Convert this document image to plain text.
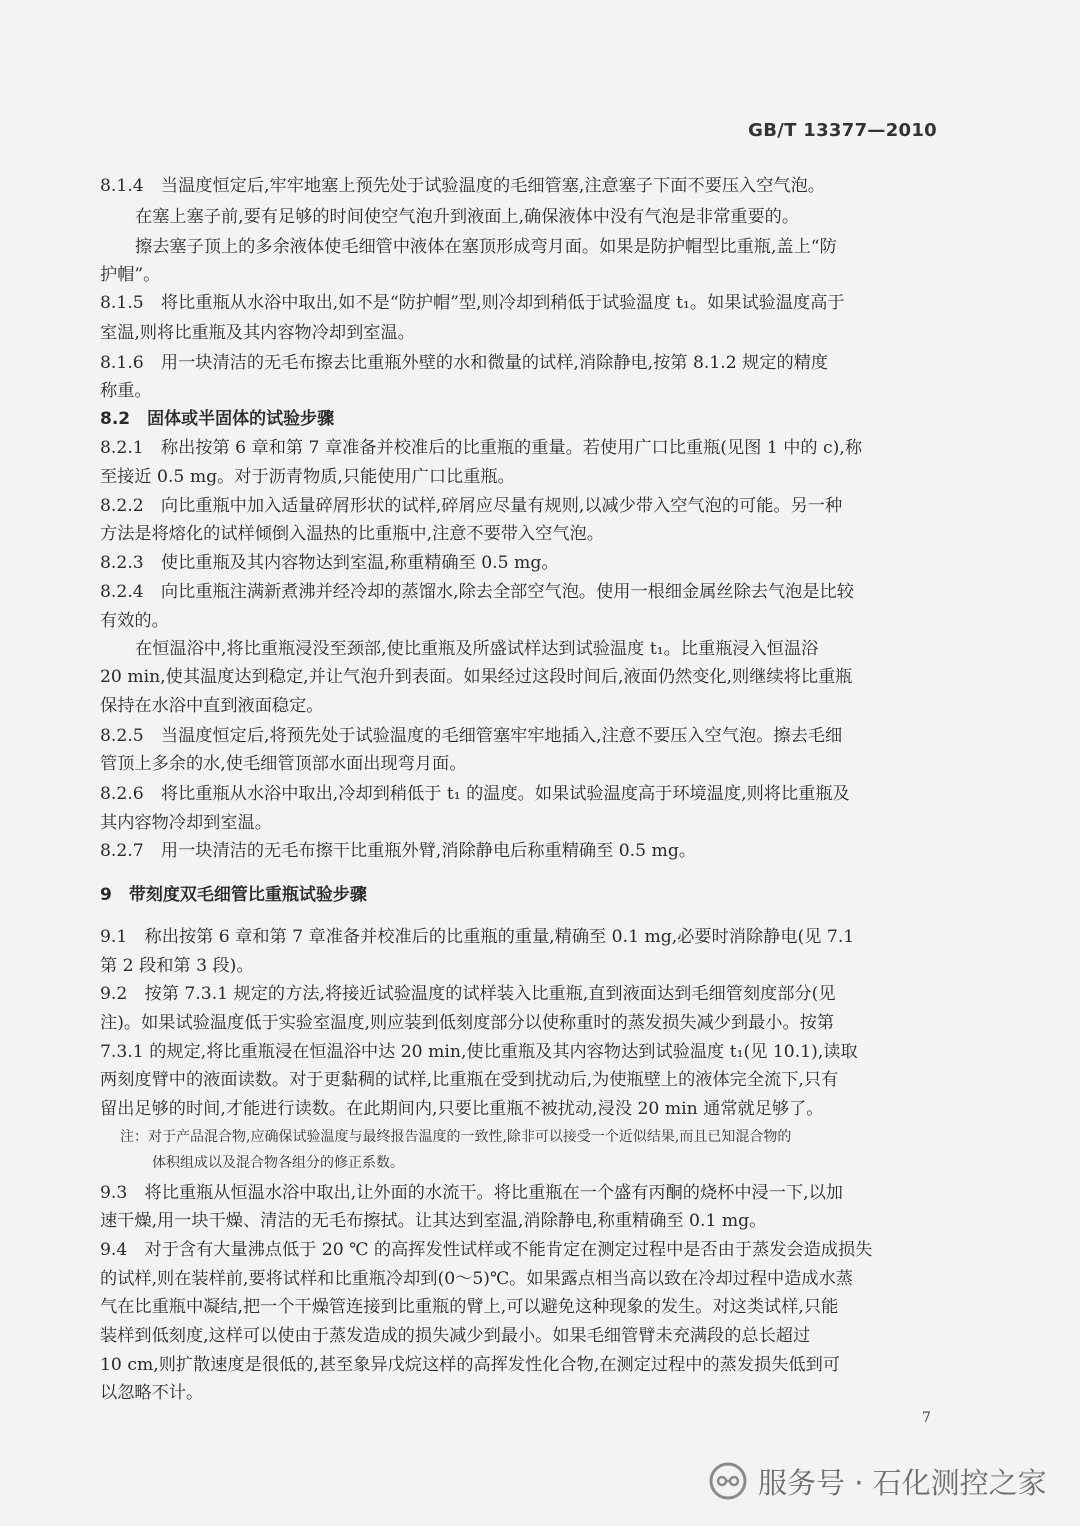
GB/T 13377—2010
8.1.4　当温度恒定后,牢牢地塞上预先处于试验温度的毛细管塞,注意塞子下面不要压入空气泡。
在塞上塞子前,要有足够的时间使空气泡升到液面上,确保液体中没有气泡是非常重要的。
擦去塞子顶上的多余液体使毛细管中液体在塞顶形成弯月面。如果是防护帽型比重瓶,盖上“防
护帽”。
8.1.5　将比重瓶从水浴中取出,如不是“防护帽”型,则冷却到稍低于试验温度 t₁。如果试验温度高于
室温,则将比重瓶及其内容物冷却到室温。
8.1.6　用一块清洁的无毛布擦去比重瓶外壁的水和微量的试样,消除静电,按第 8.1.2 规定的精度
称重。
8.2　固体或半固体的试验步骤
8.2.1　称出按第 6 章和第 7 章准备并校准后的比重瓶的重量。若使用广口比重瓶(见图 1 中的 c),称
至接近 0.5 mg。对于沥青物质,只能使用广口比重瓶。
8.2.2　向比重瓶中加入适量碎屑形状的试样,碎屑应尽量有规则,以减少带入空气泡的可能。另一种
方法是将熔化的试样倾倒入温热的比重瓶中,注意不要带入空气泡。
8.2.3　使比重瓶及其内容物达到室温,称重精确至 0.5 mg。
8.2.4　向比重瓶注满新煮沸并经冷却的蒸馏水,除去全部空气泡。使用一根细金属丝除去气泡是比较
有效的。
在恒温浴中,将比重瓶浸没至颈部,使比重瓶及所盛试样达到试验温度 t₁。比重瓶浸入恒温浴
20 min,使其温度达到稳定,并让气泡升到表面。如果经过这段时间后,液面仍然变化,则继续将比重瓶
保持在水浴中直到液面稳定。
8.2.5　当温度恒定后,将预先处于试验温度的毛细管塞牢牢地插入,注意不要压入空气泡。擦去毛细
管顶上多余的水,使毛细管顶部水面出现弯月面。
8.2.6　将比重瓶从水浴中取出,冷却到稍低于 t₁ 的温度。如果试验温度高于环境温度,则将比重瓶及
其内容物冷却到室温。
8.2.7　用一块清洁的无毛布擦干比重瓶外臂,消除静电后称重精确至 0.5 mg。
9　带刻度双毛细管比重瓶试验步骤
9.1　称出按第 6 章和第 7 章准备并校准后的比重瓶的重量,精确至 0.1 mg,必要时消除静电(见 7.1
第 2 段和第 3 段)。
9.2　按第 7.3.1 规定的方法,将接近试验温度的试样装入比重瓶,直到液面达到毛细管刻度部分(见
注)。如果试验温度低于实验室温度,则应装到低刻度部分以使称重时的蒸发损失减少到最小。按第
7.3.1 的规定,将比重瓶浸在恒温浴中达 20 min,使比重瓶及其内容物达到试验温度 t₁(见 10.1),读取
两刻度臂中的液面读数。对于更黏稠的试样,比重瓶在受到扰动后,为使瓶壁上的液体完全流下,只有
留出足够的时间,才能进行读数。在此期间内,只要比重瓶不被扰动,浸没 20 min 通常就足够了。
注：对于产品混合物,应确保试验温度与最终报告温度的一致性,除非可以接受一个近似结果,而且已知混合物的
体积组成以及混合物各组分的修正系数。
9.3　将比重瓶从恒温水浴中取出,让外面的水流干。将比重瓶在一个盛有丙酮的烧杯中浸一下,以加
速干燥,用一块干燥、清洁的无毛布擦拭。让其达到室温,消除静电,称重精确至 0.1 mg。
9.4　对于含有大量沸点低于 20 ℃ 的高挥发性试样或不能肯定在测定过程中是否由于蒸发会造成损失
的试样,则在装样前,要将试样和比重瓶冷却到(0～5)℃。如果露点相当高以致在冷却过程中造成水蒸
气在比重瓶中凝结,把一个干燥管连接到比重瓶的臂上,可以避免这种现象的发生。对这类试样,只能
装样到低刻度,这样可以使由于蒸发造成的损失减少到最小。如果毛细管臂未充满段的总长超过
10 cm,则扩散速度是很低的,甚至象异戊烷这样的高挥发性化合物,在测定过程中的蒸发损失低到可
以忽略不计。
7
服务号 · 石化测控之家
